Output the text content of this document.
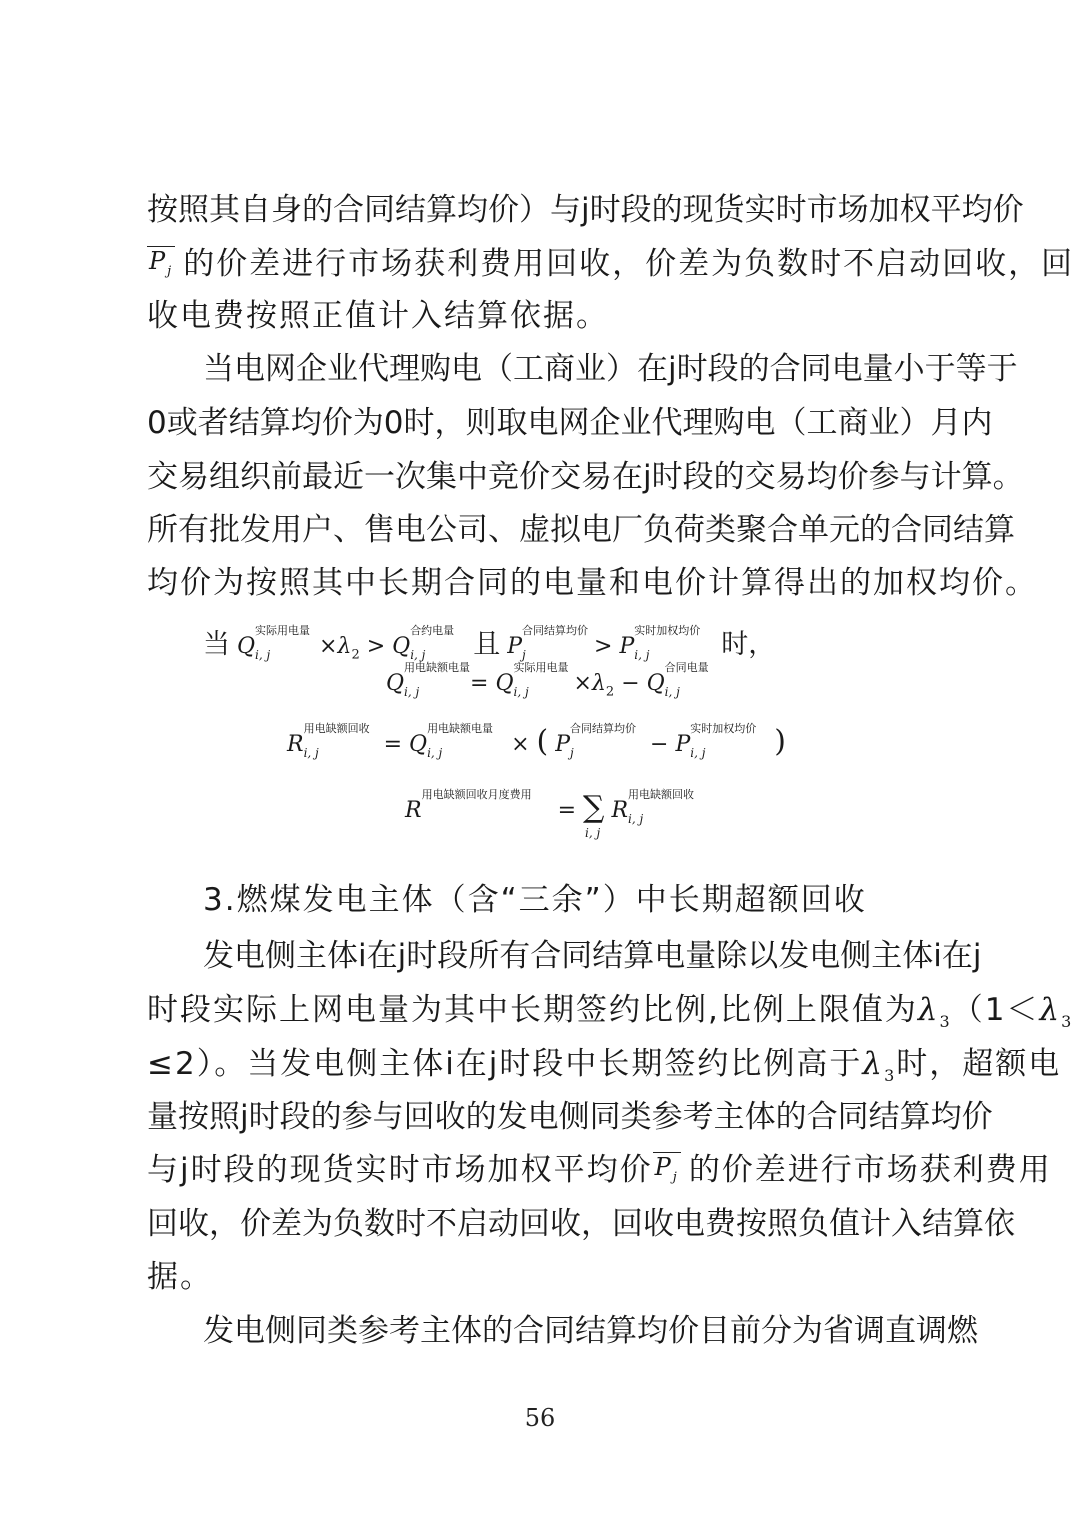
按照其自身的合同结算均价）与j时段的现货实时市场加权平均价
$P_j$ 的价差进行市场获利费用回收，价差为负数时不启动回收，回
收电费按照正值计入结算依据。
当电网企业代理购电（工商业）在j时段的合同电量小于等于
0或者结算均价为0时，则取电网企业代理购电（工商业）月内
交易组织前最近一次集中竞价交易在j时段的交易均价参与计算。
所有批发用户、售电公司、虚拟电厂负荷类聚合单元的合同结算
均价为按照其中长期合同的电量和电价计算得出的加权均价。
当 Q
实际用电量
i, $j \times\lambda_2 > Q$
合约电量
i, j 且 P
合同结算均价
j	> P
实时加权均价
i, j	时，
Q
用电缺额电量
i, j = Q
实际用电量
i, $j \times\lambda_2 - Q$
合同电量
i, j
R
用电缺额回收
i, j	= Q
用电缺额电量
i, j	× ( P
合同结算均价
j	− P
实时加权均价
i, j )
R
用电缺额回收月度费用
= ∑
i, j
R
用电缺额回收
i, j
3.燃煤发电主体（含“三余”）中长期超额回收
发电侧主体i在j时段所有合同结算电量除以发电侧主体i在j
时段实际上网电量为其中长期签约比例,比例上限值为$\lambda_3(1<\lambda_3$
≤2）。当发电侧主体i在j时段中长期签约比例高于$\lambda_3$时，超额电
量按照j时段的参与回收的发电侧同类参考主体的合同结算均价
与j时段的现货实时市场加权平均价$P_j$ 的价差进行市场获利费用
回收，价差为负数时不启动回收，回收电费按照负值计入结算依
据。
发电侧同类参考主体的合同结算均价目前分为省调直调燃
56
